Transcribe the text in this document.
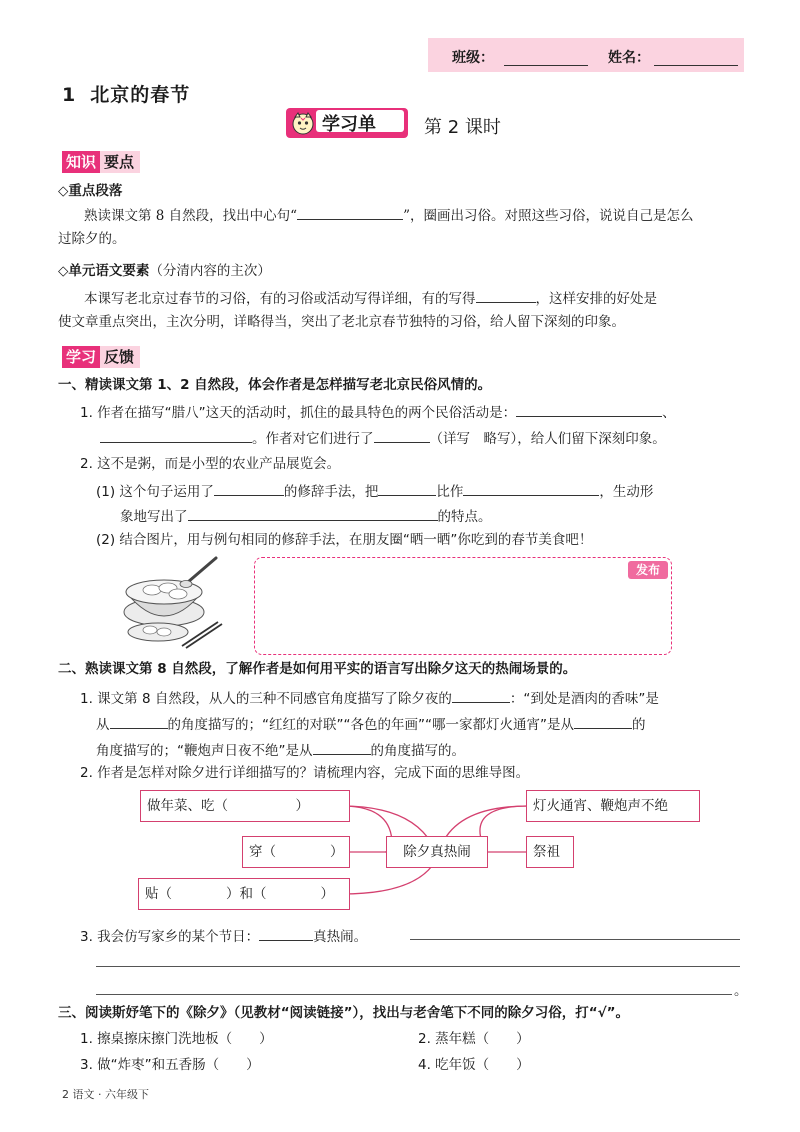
班级：	姓名：
1 北京的春节
学习单	第 2 课时
知识 要点
◇重点段落
熟读课文第 8 自然段，找出中心句“	”，圈画出习俗。对照这些习俗，说说自己是怎么
过除夕的。
◇单元语文要素（分清内容的主次）
本课写老北京过春节的习俗，有的习俗或活动写得详细，有的写得	，这样安排的好处是
使文章重点突出，主次分明，详略得当，突出了老北京春节独特的习俗，给人留下深刻的印象。
学习 反馈
一、精读课文第 1、2 自然段，体会作者是怎样描写老北京民俗风情的。
1. 作者在描写“腊八”这天的活动时，抓住的最具特色的两个民俗活动是：	、
。作者对它们进行了	（详写　略写），给人们留下深刻印象。
2. 这不是粥，而是小型的农业产品展览会。
(1) 这个句子运用了	的修辞手法，把	比作	，生动形
象地写出了	的特点。
(2) 结合图片，用与例句相同的修辞手法，在朋友圈“晒一晒”你吃到的春节美食吧！
发布
二、熟读课文第 8 自然段，了解作者是如何用平实的语言写出除夕这天的热闹场景的。
1. 课文第 8 自然段，从人的三种不同感官角度描写了除夕夜的	：“到处是酒肉的香味”是
从	的角度描写的；“红红的对联”“各色的年画”“哪一家都灯火通宵”是从	的
角度描写的；“鞭炮声日夜不绝”是从	的角度描写的。
2. 作者是怎样对除夕进行详细描写的？请梳理内容，完成下面的思维导图。
做年菜、吃（　　　　　）
穿（　　　　）
贴（　　　　）和（　　　　）
除夕真热闹
灯火通宵、鞭炮声不绝
祭祖
3. 我会仿写家乡的某个节日：	真热闹。
。
三、阅读斯妤笔下的《除夕》（见教材“阅读链接”），找出与老舍笔下不同的除夕习俗，打“√”。
1. 擦桌擦床擦门洗地板（　　）	2. 蒸年糕（　　）
3. 做“炸枣”和五香肠（　　）	4. 吃年饭（　　）
2 语文 · 六年级下
